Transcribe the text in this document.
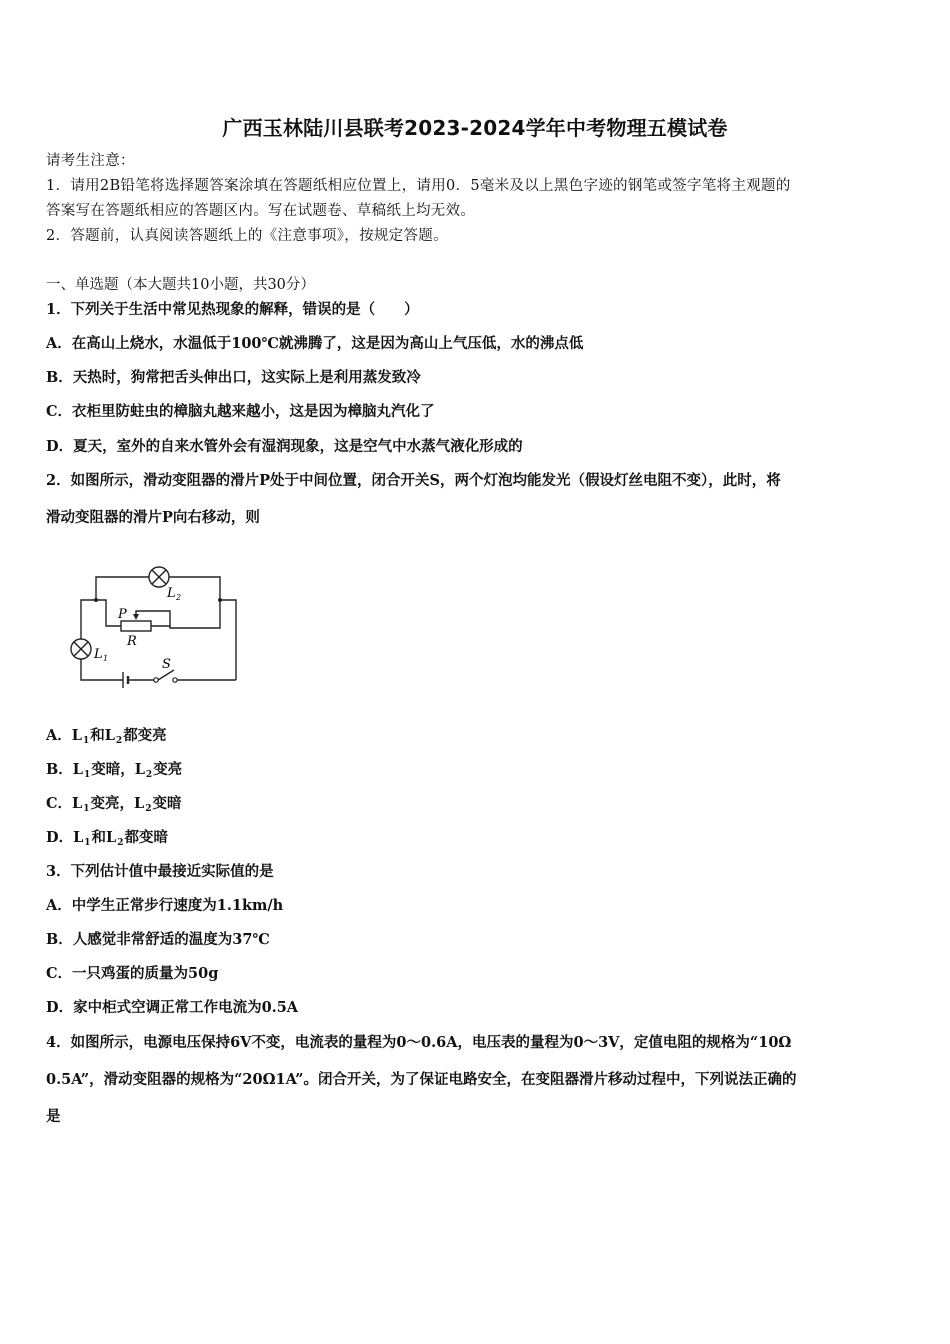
广西玉林陆川县联考2023-2024学年中考物理五模试卷
请考生注意：
1．请用2B铅笔将选择题答案涂填在答题纸相应位置上，请用0．5毫米及以上黑色字迹的钢笔或签字笔将主观题的
答案写在答题纸相应的答题区内。写在试题卷、草稿纸上均无效。
2．答题前，认真阅读答题纸上的《注意事项》，按规定答题。
一、单选题（本大题共10小题，共30分）
1．下列关于生活中常见热现象的解释，错误的是（　　）
A．在高山上烧水，水温低于100℃就沸腾了，这是因为高山上气压低，水的沸点低
B．天热时，狗常把舌头伸出口，这实际上是利用蒸发致冷
C．衣柜里防蛀虫的樟脑丸越来越小，这是因为樟脑丸汽化了
D．夏天，室外的自来水管外会有湿润现象，这是空气中水蒸气液化形成的
2．如图所示，滑动变阻器的滑片P处于中间位置，闭合开关S，两个灯泡均能发光（假设灯丝电阻不变），此时，将
滑动变阻器的滑片P向右移动，则
L 2
L 1
P
R
S
A．$L_1$和$L_2$都变亮
B．$L_1$变暗，$L_2$变亮
C．$L_1$变亮，$L_2$变暗
D．$L_1$和$L_2$都变暗
3．下列估计值中最接近实际值的是
A．中学生正常步行速度为1.1km/h
B．人感觉非常舒适的温度为37℃
C．一只鸡蛋的质量为50g
D．家中柜式空调正常工作电流为0.5A
4．如图所示，电源电压保持6V不变，电流表的量程为0～0.6A，电压表的量程为0～3V，定值电阻的规格为“10Ω
0.5A”，滑动变阻器的规格为“20Ω1A”。闭合开关，为了保证电路安全，在变阻器滑片移动过程中，下列说法正确的
是
